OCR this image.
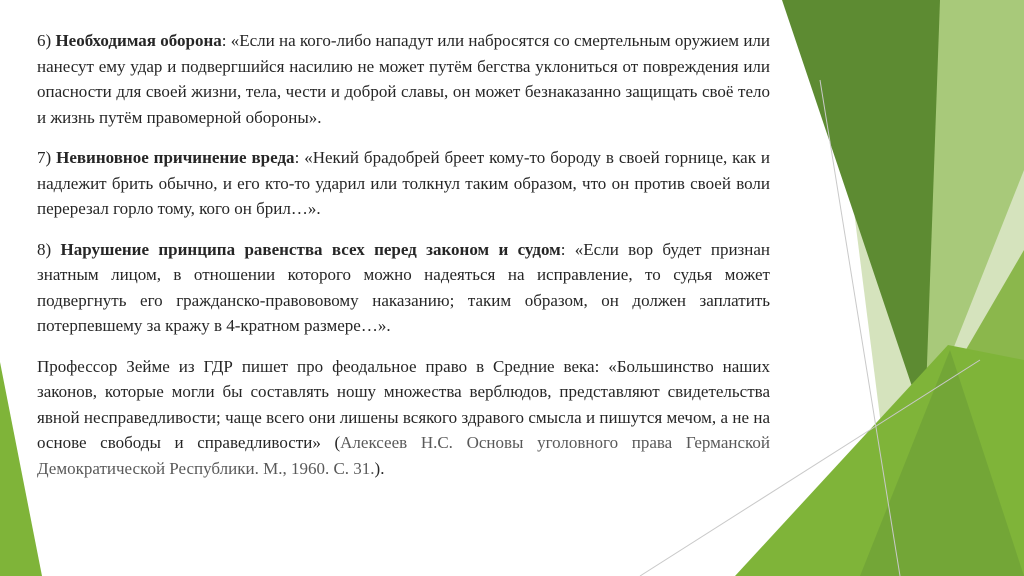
6) Необходимая оборона: «Если на кого-либо нападут или набросятся со смертельным оружием или нанесут ему удар и подвергшийся насилию не может путём бегства уклониться от повреждения или опасности для своей жизни, тела, чести и доброй славы, он может безнаказанно защищать своё тело и жизнь путём правомерной обороны».

7) Невиновное причинение вреда: «Некий брадобрей бреет кому-то бороду в своей горнице, как и надлежит брить обычно, и его кто-то ударил или толкнул таким образом, что он против своей воли перерезал горло тому, кого он брил…».

8) Нарушение принципа равенства всех перед законом и судом: «Если вор будет признан знатным лицом, в отношении которого можно надеяться на исправление, то судья может подвергнуть его гражданско-правововому наказанию; таким образом, он должен заплатить потерпевшему за кражу в 4-кратном размере…».

Профессор Зейме из ГДР пишет про феодальное право в Средние века: «Большинство наших законов, которые могли бы составлять ношу множества верблюдов, представляют свидетельства явной несправедливости; чаще всего они лишены всякого здравого смысла и пишутся мечом, а не на основе свободы и справедливости» (Алексеев Н.С. Основы уголовного права Германской Демократической Республики. М., 1960. С. 31.).
